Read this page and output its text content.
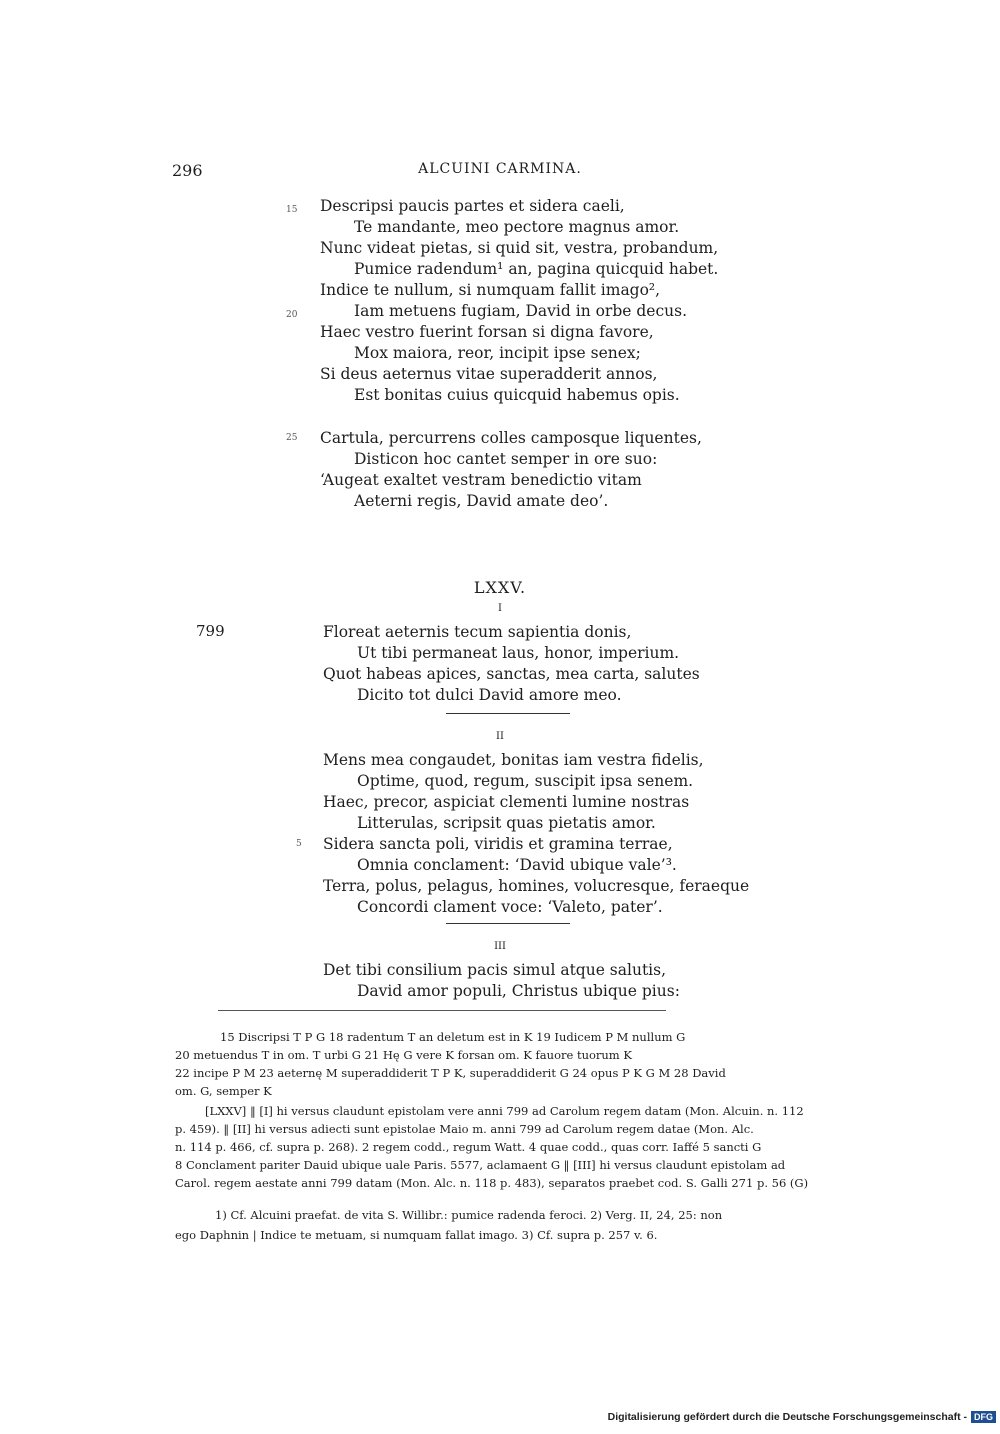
296	ALCUINI CARMINA.
15
20
25
Descripsi paucis partes et sidera caeli,
Te mandante, meo pectore magnus amor.
Nunc videat pietas, si quid sit, vestra, probandum,
Pumice radendum¹ an, pagina quicquid habet.
Indice te nullum, si numquam fallit imago²,
Iam metuens fugiam, David in orbe decus.
Haec vestro fuerint forsan si digna favore,
Mox maiora, reor, incipit ipse senex;
Si deus aeternus vitae superadderit annos,
Est bonitas cuius quicquid habemus opis.
Cartula, percurrens colles camposque liquentes,
Disticon hoc cantet semper in ore suo:
‘Augeat exaltet vestram benedictio vitam
Aeterni regis, David amate deo’.
LXXV.
I
799	Floreat aeternis tecum sapientia donis,
Ut tibi permaneat laus, honor, imperium.
Quot habeas apices, sanctas, mea carta, salutes
Dicito tot dulci David amore meo.
II
Mens mea congaudet, bonitas iam vestra fidelis,
Optime, quod, regum, suscipit ipsa senem.
Haec, precor, aspiciat clementi lumine nostras
Litterulas, scripsit quas pietatis amor.
5 Sidera sancta poli, viridis et gramina terrae,
Omnia conclament: ‘David ubique vale’³.
Terra, polus, pelagus, homines, volucresque, feraeque
Concordi clament voce: ‘Valeto, pater’.
III
Det tibi consilium pacis simul atque salutis,
David amor populi, Christus ubique pius:
15 Discripsi T P G 18 radentum T an deletum est in K 19 Iudicem P M nullum G
20 metuendus T in om. T urbi G 21 Hę G vere K forsan om. K fauore tuorum K
22 incipe P M 23 aeternę M superaddiderit T P K, superaddiderit G 24 opus P K G M 28 David
om. G, semper K
[LXXV] ‖ [I] hi versus claudunt epistolam vere anni 799 ad Carolum regem datam (Mon. Alcuin. n. 112
p. 459). ‖ [II] hi versus adiecti sunt epistolae Maio m. anni 799 ad Carolum regem datae (Mon. Alc.
n. 114 p. 466, cf. supra p. 268). 2 regem codd., regum Watt. 4 quae codd., quas corr. Iaffé 5 sancti G
8 Conclament pariter Dauid ubique uale Paris. 5577, aclamaent G ‖ [III] hi versus claudunt epistolam ad
Carol. regem aestate anni 799 datam (Mon. Alc. n. 118 p. 483), separatos praebet cod. S. Galli 271 p. 56 (G)
1) Cf. Alcuini praefat. de vita S. Willibr.: pumice radenda feroci. 2) Verg. II, 24, 25: non
ego Daphnin | Indice te metuam, si numquam fallat imago. 3) Cf. supra p. 257 v. 6.
Digitalisierung gefördert durch die Deutsche Forschungsgemeinschaft - DFG
